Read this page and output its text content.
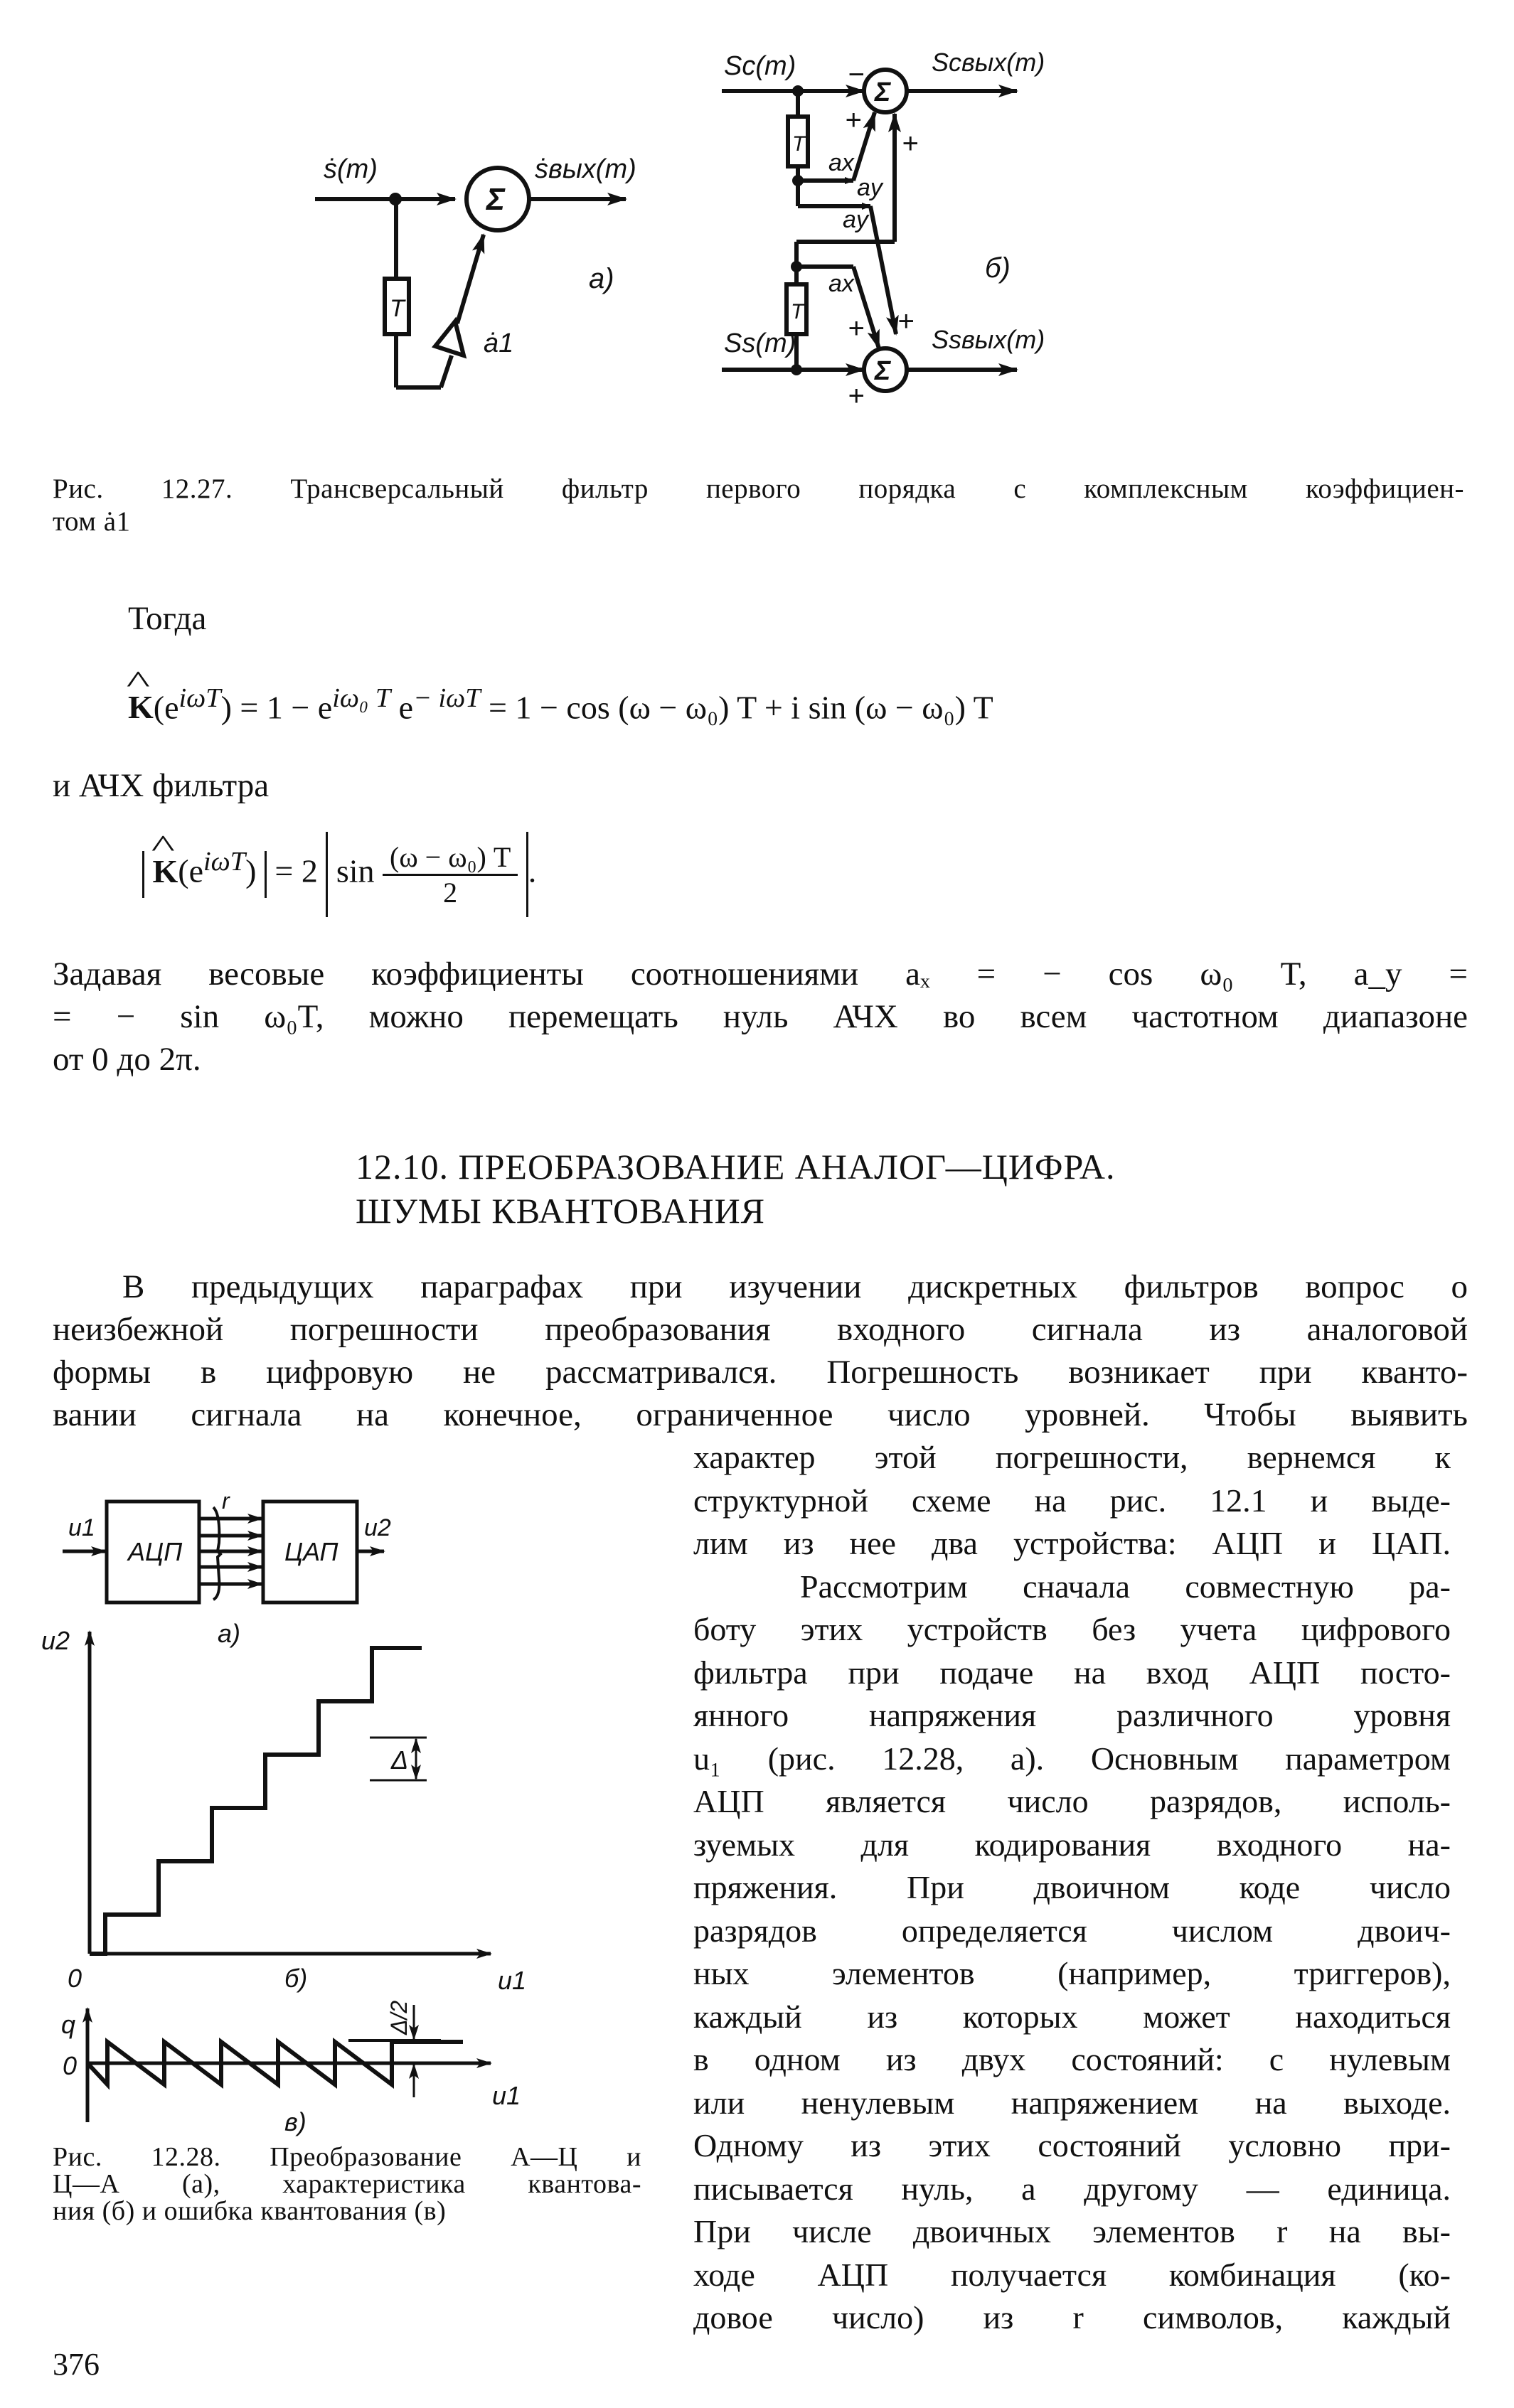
Σ
ṡ(m)	ṡвых(m)
T
ȧ1
а)
Σ
Σ
Sc(m)	Scвых(m)
Ss(m)	Ssвых(m)
T
T
ax
ay
ay
ax
−
+
+
+ +
+
б)
Рис. 12.27. Трансверсальный фильтр первого порядка с комплексным коэффициен-
том ȧ1
Тогда
^ $K(e^{i\omega T}) = 1 - e^{i\omega_0 T}$ $e^{- i\omega T} = 1 - \cos (\omega - \omega_0) T + i$ sin (ω − ω₀) T
и АЧХ фильтра
^ $K(e^{i\omega T}) = 2$ $\sin \frac{\text{(ω − ω₀) T}}{2}$ .
Задавая весовые коэффициенты соотношениями aₓ = − cos ω₀ T, a_y =
= − sin ω₀T, можно перемещать нуль АЧХ во всем частотном диапазоне
от 0 до 2π.
12.10. ПРЕОБРАЗОВАНИЕ АНАЛОГ—ЦИФРА.
ШУМЫ КВАНТОВАНИЯ
В предыдущих параграфах при изучении дискретных фильтров вопрос о
неизбежной погрешности преобразования входного сигнала из аналоговой
формы в цифровую не рассматривался. Погрешность возникает при кванто-
вании сигнала на конечное, ограниченное число уровней. Чтобы выявить
характер этой погрешности, вернемся к
структурной схеме на рис. 12.1 и выде-
лим из нее два устройства: АЦП и ЦАП.
Рассмотрим сначала совместную ра-
боту этих устройств без учета цифрового
фильтра при подаче на вход АЦП посто-
янного напряжения различного уровня
u₁ (рис. 12.28, а). Основным параметром
АЦП является число разрядов, исполь-
зуемых для кодирования входного на-
пряжения. При двоичном коде число
разрядов определяется числом двоич-
ных элементов (например, триггеров),
каждый из которых может находиться
в одном из двух состояний: с нулевым
или ненулевым напряжением на выходе.
Одному из этих состояний условно при-
писывается нуль, а другому — единица.
При числе двоичных элементов r на вы-
ходе АЦП получается комбинация (ко-
довое число) из r символов, каждый
u1	u2
АЦП	ЦАП
r
а)
u2
0	u1
Δ
б)
q
0
u1
Δ/2
в)
Рис. 12.28. Преобразование А—Ц и
Ц—А (а), характеристика квантова-
ния (б) и ошибка квантования (в)
376
